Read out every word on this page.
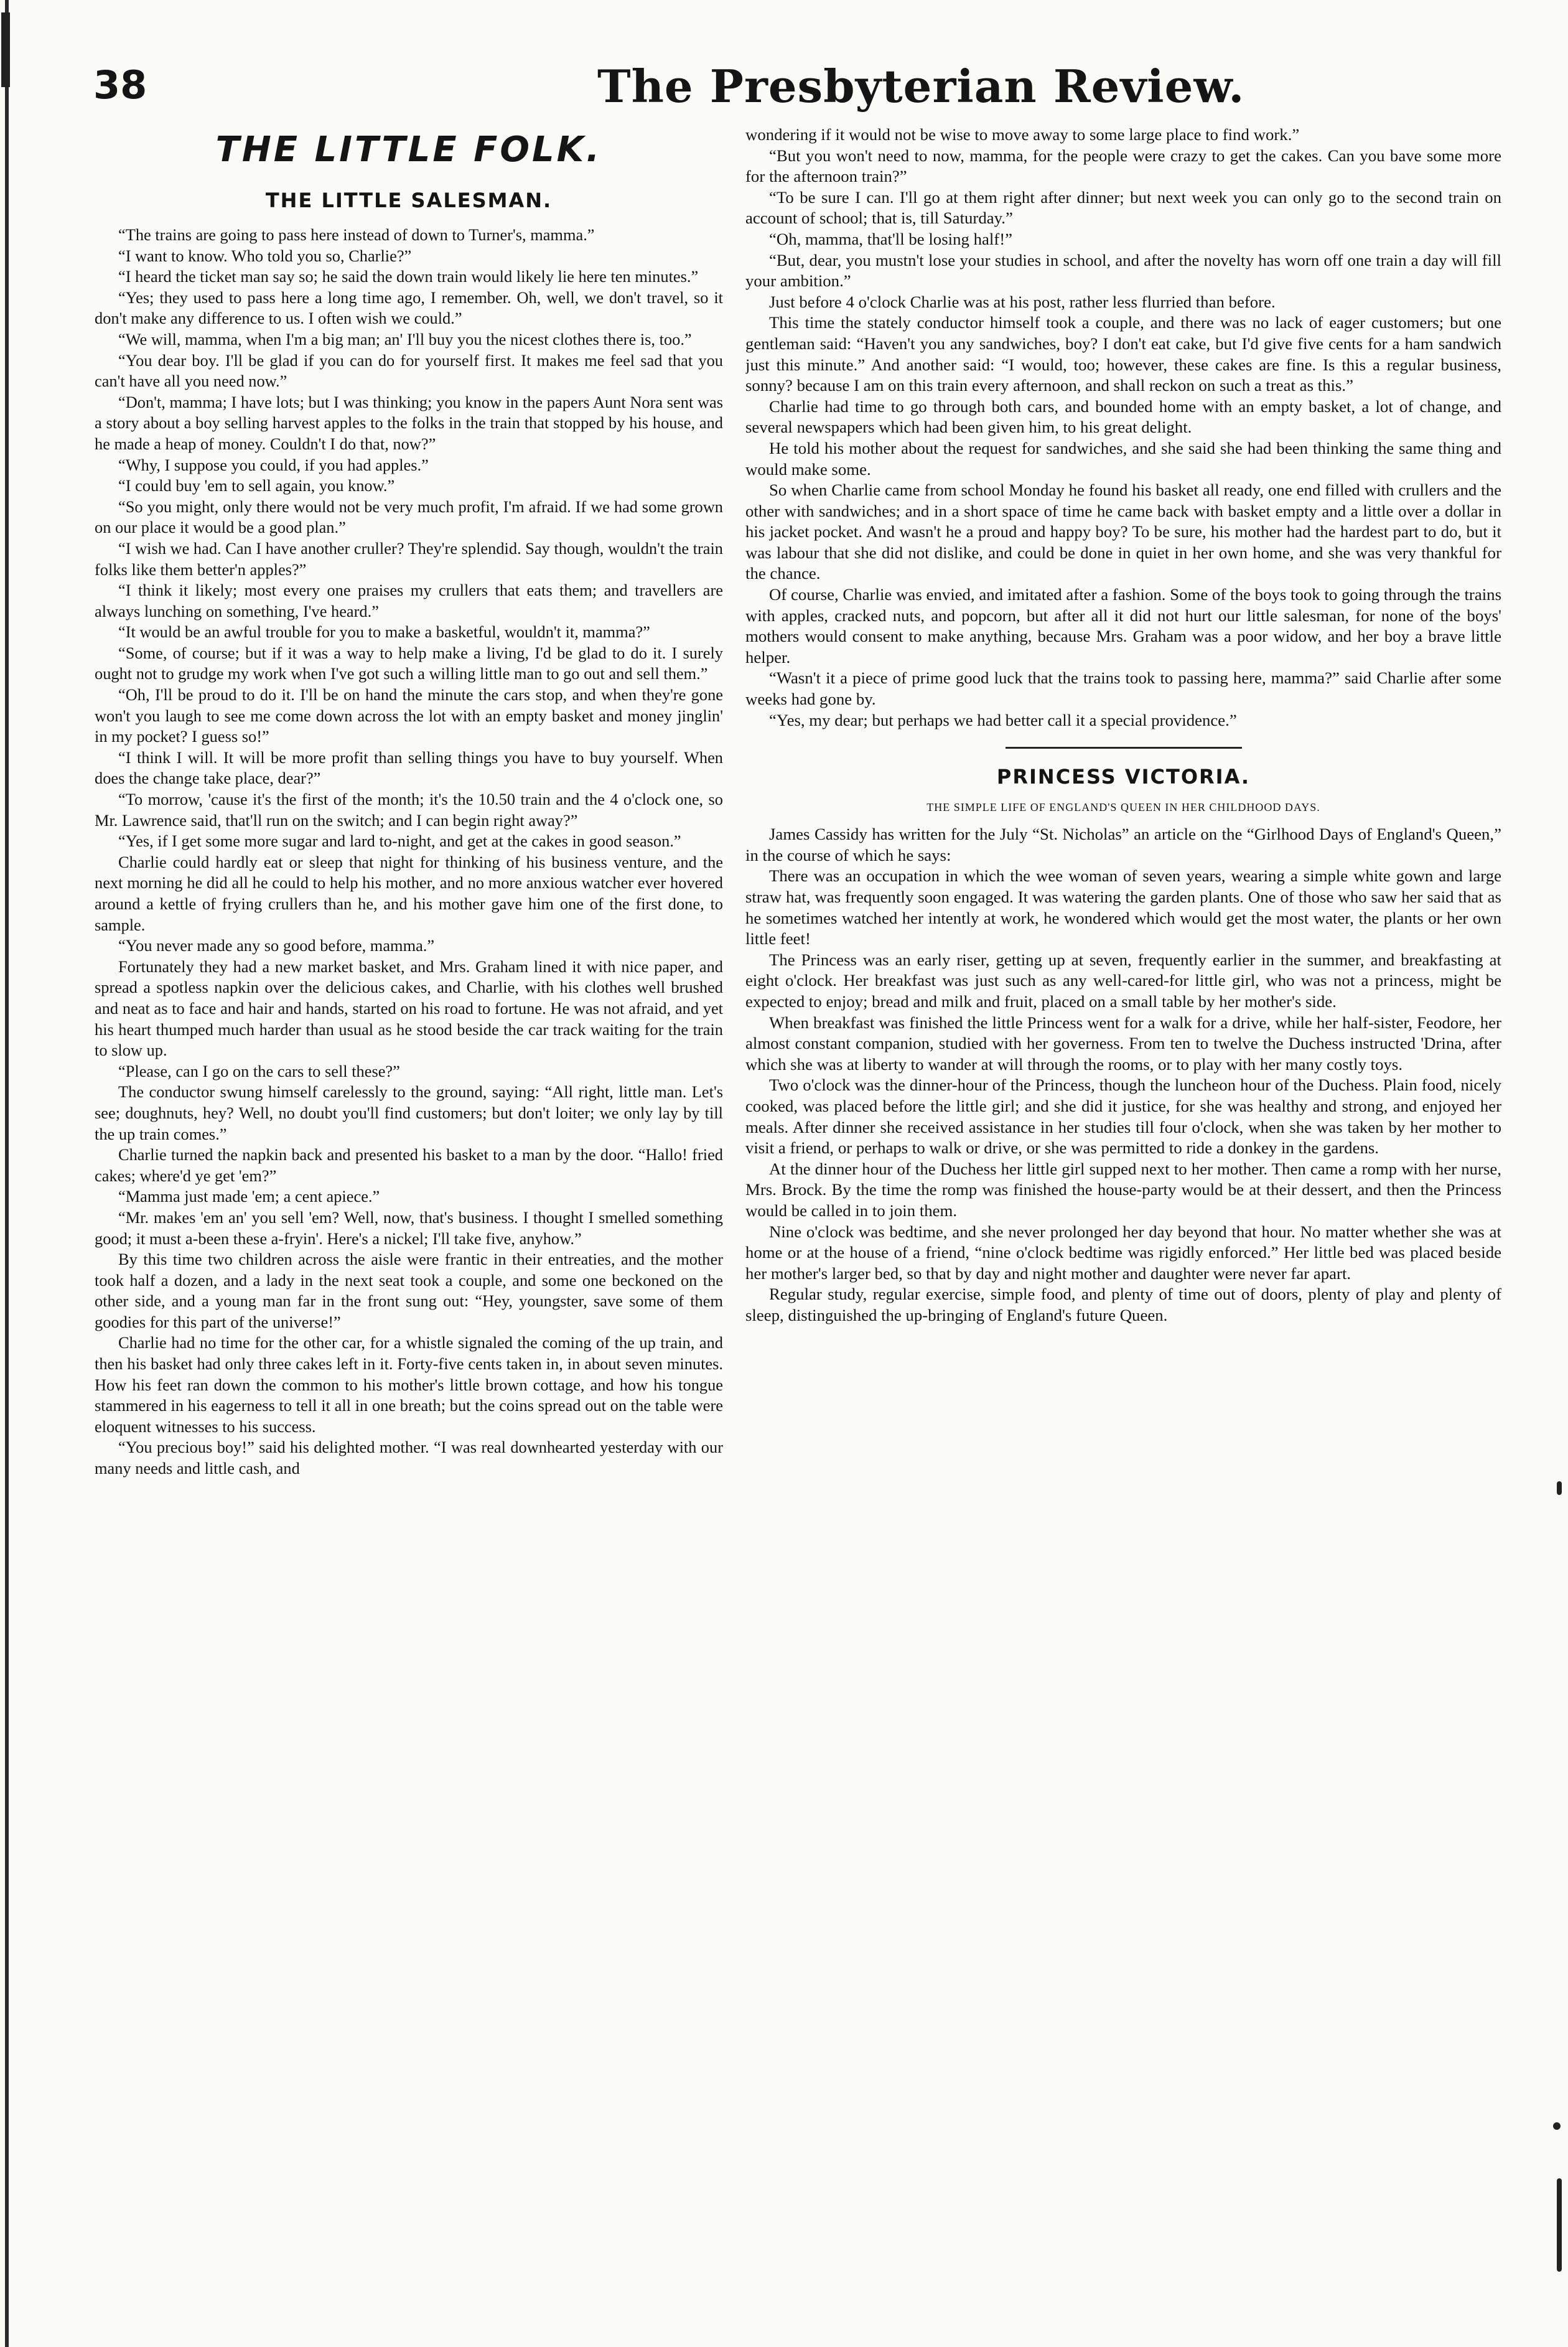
38	The Presbyterian Review.
THE LITTLE FOLK.
THE LITTLE SALESMAN.

“The trains are going to pass here instead of down to Turner's, mamma.”

“I want to know. Who told you so, Charlie?”

“I heard the ticket man say so; he said the down train would likely lie here ten minutes.”

“Yes; they used to pass here a long time ago, I remember. Oh, well, we don't travel, so it don't make any difference to us. I often wish we could.”

“We will, mamma, when I'm a big man; an' I'll buy you the nicest clothes there is, too.”

“You dear boy. I'll be glad if you can do for yourself first. It makes me feel sad that you can't have all you need now.”

“Don't, mamma; I have lots; but I was thinking; you know in the papers Aunt Nora sent was a story about a boy selling harvest apples to the folks in the train that stopped by his house, and he made a heap of money. Couldn't I do that, now?”

“Why, I suppose you could, if you had apples.”

“I could buy 'em to sell again, you know.”

“So you might, only there would not be very much profit, I'm afraid. If we had some grown on our place it would be a good plan.”

“I wish we had. Can I have another cruller? They're splendid. Say though, wouldn't the train folks like them better'n apples?”

“I think it likely; most every one praises my crullers that eats them; and travellers are always lunching on something, I've heard.”

“It would be an awful trouble for you to make a basketful, wouldn't it, mamma?”

“Some, of course; but if it was a way to help make a living, I'd be glad to do it. I surely ought not to grudge my work when I've got such a willing little man to go out and sell them.”

“Oh, I'll be proud to do it. I'll be on hand the minute the cars stop, and when they're gone won't you laugh to see me come down across the lot with an empty basket and money jinglin' in my pocket? I guess so!”

“I think I will. It will be more profit than selling things you have to buy yourself. When does the change take place, dear?”

“To morrow, 'cause it's the first of the month; it's the 10.50 train and the 4 o'clock one, so Mr. Lawrence said, that'll run on the switch; and I can begin right away?”

“Yes, if I get some more sugar and lard to-night, and get at the cakes in good season.”

Charlie could hardly eat or sleep that night for thinking of his business venture, and the next morning he did all he could to help his mother, and no more anxious watcher ever hovered around a kettle of frying crullers than he, and his mother gave him one of the first done, to sample.

“You never made any so good before, mamma.”

Fortunately they had a new market basket, and Mrs. Graham lined it with nice paper, and spread a spotless napkin over the delicious cakes, and Charlie, with his clothes well brushed and neat as to face and hair and hands, started on his road to fortune. He was not afraid, and yet his heart thumped much harder than usual as he stood beside the car track waiting for the train to slow up.

“Please, can I go on the cars to sell these?”

The conductor swung himself carelessly to the ground, saying: “All right, little man. Let's see; doughnuts, hey? Well, no doubt you'll find customers; but don't loiter; we only lay by till the up train comes.”

Charlie turned the napkin back and presented his basket to a man by the door. “Hallo! fried cakes; where'd ye get 'em?”

“Mamma just made 'em; a cent apiece.”

“Mr. makes 'em an' you sell 'em? Well, now, that's business. I thought I smelled something good; it must a-been these a-fryin'. Here's a nickel; I'll take five, anyhow.”

By this time two children across the aisle were frantic in their entreaties, and the mother took half a dozen, and a lady in the next seat took a couple, and some one beckoned on the other side, and a young man far in the front sung out: “Hey, youngster, save some of them goodies for this part of the universe!”

Charlie had no time for the other car, for a whistle signaled the coming of the up train, and then his basket had only three cakes left in it. Forty-five cents taken in, in about seven minutes. How his feet ran down the common to his mother's little brown cottage, and how his tongue stammered in his eagerness to tell it all in one breath; but the coins spread out on the table were eloquent witnesses to his success.

“You precious boy!” said his delighted mother. “I was real downhearted yesterday with our many needs and little cash, and

wondering if it would not be wise to move away to some large place to find work.”

“But you won't need to now, mamma, for the people were crazy to get the cakes. Can you bave some more for the afternoon train?”

“To be sure I can. I'll go at them right after dinner; but next week you can only go to the second train on account of school; that is, till Saturday.”

“Oh, mamma, that'll be losing half!”

“But, dear, you mustn't lose your studies in school, and after the novelty has worn off one train a day will fill your ambition.”

Just before 4 o'clock Charlie was at his post, rather less flurried than before.

This time the stately conductor himself took a couple, and there was no lack of eager customers; but one gentleman said: “Haven't you any sandwiches, boy? I don't eat cake, but I'd give five cents for a ham sandwich just this minute.” And another said: “I would, too; however, these cakes are fine. Is this a regular business, sonny? because I am on this train every afternoon, and shall reckon on such a treat as this.”

Charlie had time to go through both cars, and bounded home with an empty basket, a lot of change, and several newspapers which had been given him, to his great delight.

He told his mother about the request for sandwiches, and she said she had been thinking the same thing and would make some.

So when Charlie came from school Monday he found his basket all ready, one end filled with crullers and the other with sandwiches; and in a short space of time he came back with basket empty and a little over a dollar in his jacket pocket. And wasn't he a proud and happy boy? To be sure, his mother had the hardest part to do, but it was labour that she did not dislike, and could be done in quiet in her own home, and she was very thankful for the chance.

Of course, Charlie was envied, and imitated after a fashion. Some of the boys took to going through the trains with apples, cracked nuts, and popcorn, but after all it did not hurt our little salesman, for none of the boys' mothers would consent to make anything, because Mrs. Graham was a poor widow, and her boy a brave little helper.

“Wasn't it a piece of prime good luck that the trains took to passing here, mamma?” said Charlie after some weeks had gone by.

“Yes, my dear; but perhaps we had better call it a special providence.”

PRINCESS VICTORIA.
THE SIMPLE LIFE OF ENGLAND'S QUEEN IN HER CHILDHOOD DAYS.

James Cassidy has written for the July “St. Nicholas” an article on the “Girlhood Days of England's Queen,” in the course of which he says:

There was an occupation in which the wee woman of seven years, wearing a simple white gown and large straw hat, was frequently soon engaged. It was watering the garden plants. One of those who saw her said that as he sometimes watched her intently at work, he wondered which would get the most water, the plants or her own little feet!

The Princess was an early riser, getting up at seven, frequently earlier in the summer, and breakfasting at eight o'clock. Her breakfast was just such as any well-cared-for little girl, who was not a princess, might be expected to enjoy; bread and milk and fruit, placed on a small table by her mother's side.

When breakfast was finished the little Princess went for a walk for a drive, while her half-sister, Feodore, her almost constant companion, studied with her governess. From ten to twelve the Duchess instructed 'Drina, after which she was at liberty to wander at will through the rooms, or to play with her many costly toys.

Two o'clock was the dinner-hour of the Princess, though the luncheon hour of the Duchess. Plain food, nicely cooked, was placed before the little girl; and she did it justice, for she was healthy and strong, and enjoyed her meals. After dinner she received assistance in her studies till four o'clock, when she was taken by her mother to visit a friend, or perhaps to walk or drive, or she was permitted to ride a donkey in the gardens.

At the dinner hour of the Duchess her little girl supped next to her mother. Then came a romp with her nurse, Mrs. Brock. By the time the romp was finished the house-party would be at their dessert, and then the Princess would be called in to join them.

Nine o'clock was bedtime, and she never prolonged her day beyond that hour. No matter whether she was at home or at the house of a friend, “nine o'clock bedtime was rigidly enforced.” Her little bed was placed beside her mother's larger bed, so that by day and night mother and daughter were never far apart.

Regular study, regular exercise, simple food, and plenty of time out of doors, plenty of play and plenty of sleep, distinguished the up-bringing of England's future Queen.
